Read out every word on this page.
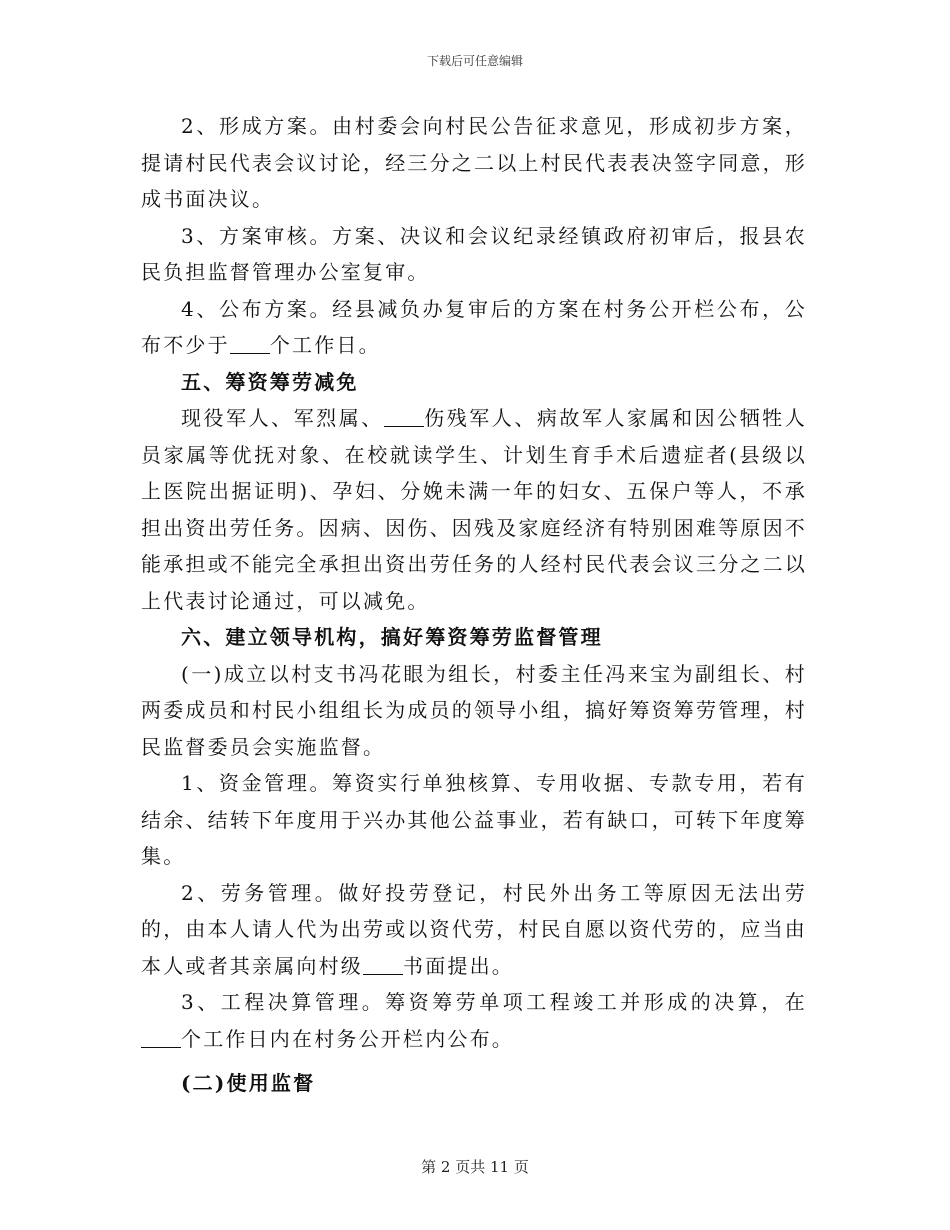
下载后可任意编辑

2、形成方案。由村委会向村民公告征求意见，形成初步方案，提请村民代表会议讨论，经三分之二以上村民代表表决签字同意，形成书面决议。

3、方案审核。方案、决议和会议纪录经镇政府初审后，报县农民负担监督管理办公室复审。

4、公布方案。经县减负办复审后的方案在村务公开栏公布，公布不少于 个工作日。

五、筹资筹劳减免

现役军人、军烈属、 伤残军人、病故军人家属和因公牺牲人员家属等优抚对象、在校就读学生、计划生育手术后遗症者(县级以上医院出据证明)、孕妇、分娩未满一年的妇女、五保户等人，不承担出资出劳任务。因病、因伤、因残及家庭经济有特别困难等原因不能承担或不能完全承担出资出劳任务的人经村民代表会议三分之二以上代表讨论通过，可以减免。

六、建立领导机构，搞好筹资筹劳监督管理

(一)成立以村支书冯花眼为组长，村委主任冯来宝为副组长、村两委成员和村民小组组长为成员的领导小组，搞好筹资筹劳管理，村民监督委员会实施监督。

1、资金管理。筹资实行单独核算、专用收据、专款专用，若有结余、结转下年度用于兴办其他公益事业，若有缺口，可转下年度筹集。

2、劳务管理。做好投劳登记，村民外出务工等原因无法出劳的，由本人请人代为出劳或以资代劳，村民自愿以资代劳的，应当由本人或者其亲属向村级 书面提出。

3、工程决算管理。筹资筹劳单项工程竣工并形成的决算，在个工作日内在村务公开栏内公布。

(二)使用监督

第 2 页共 11 页
